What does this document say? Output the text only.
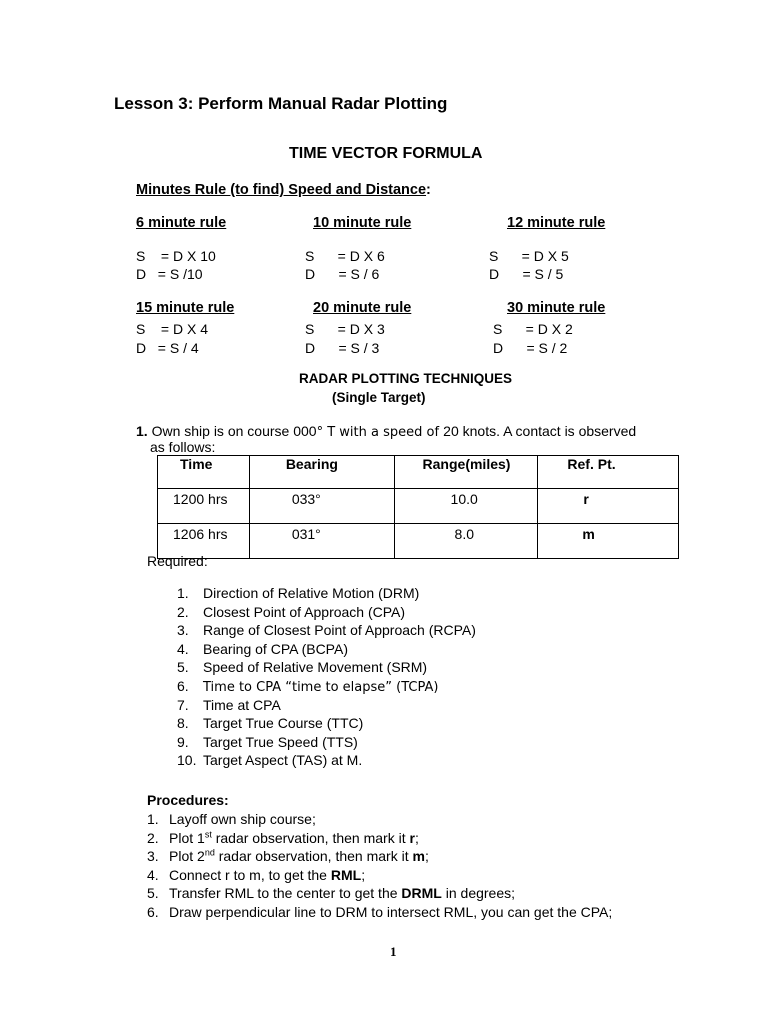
Lesson 3: Perform Manual Radar Plotting
TIME VECTOR FORMULA
Minutes Rule (to find) Speed and Distance:
6 minute rule
S    = D X 10
D   = S /10
10 minute rule
S      = D X 6
D      = S / 6
12 minute rule
S      = D X 5
D      = S / 5
15 minute rule
S    = D X 4
D   = S / 4
20 minute rule
S      = D X 3
D      = S / 3
30 minute rule
S      = D X 2
D      = S / 2
RADAR PLOTTING TECHNIQUES
(Single Target)
1. Own ship is on course 000° T with a speed of 20 knots. A contact is observed
as follows:
Time	Bearing	Range(miles)	Ref. Pt.
1200 hrs	033°	10.0	r
1206 hrs	031°	8.0	m
Required:
1. Direction of Relative Motion (DRM)
2. Closest Point of Approach (CPA)
3. Range of Closest Point of Approach (RCPA)
4. Bearing of CPA (BCPA)
5. Speed of Relative Movement (SRM)
6. Time to CPA “time to elapse” (TCPA)
7. Time at CPA
8. Target True Course (TTC)
9. Target True Speed (TTS)
10. Target Aspect (TAS) at M.
Procedures:
1. Layoff own ship course;
2. Plot 1st radar observation, then mark it r;
3. Plot 2nd radar observation, then mark it m;
4. Connect r to m, to get the RML;
5. Transfer RML to the center to get the DRML in degrees;
6. Draw perpendicular line to DRM to intersect RML, you can get the CPA;
1
